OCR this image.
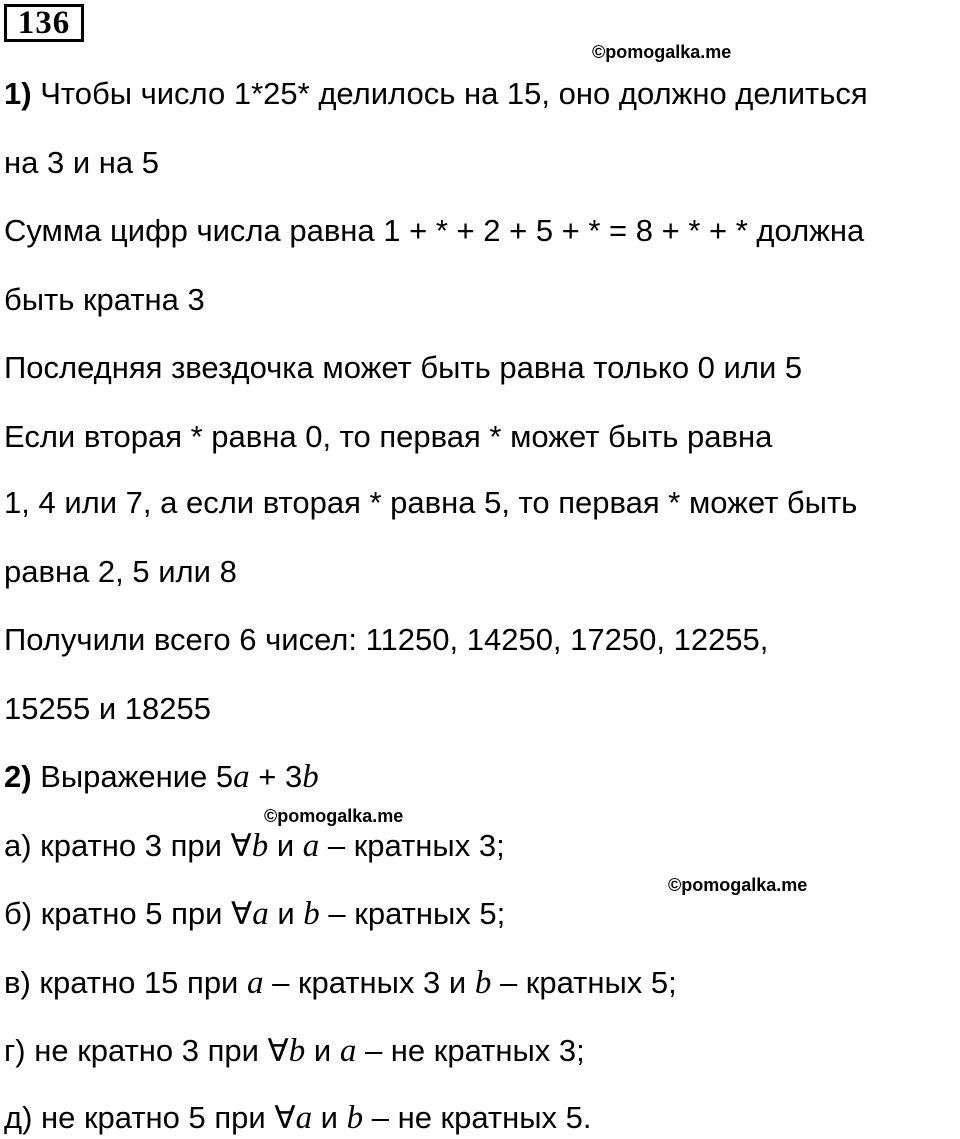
136
©pomogalka.me
©pomogalka.me
©pomogalka.me
1) Чтобы число 1*25* делилось на 15, оно должно делиться
на 3 и на 5
Сумма цифр числа равна 1 + * + 2 + 5 + * = 8 + * + * должна
быть кратна 3
Последняя звездочка может быть равна только 0 или 5
Если вторая * равна 0, то первая * может быть равна
1, 4 или 7, а если вторая * равна 5, то первая * может быть
равна 2, 5 или 8
Получили всего 6 чисел: 11250, 14250, 17250, 12255,
15255 и 18255
2) Выражение 5a + 3b
а) кратно 3 при ∀b и a – кратных 3;
б) кратно 5 при ∀a и b – кратных 5;
в) кратно 15 при a – кратных 3 и b – кратных 5;
г) не кратно 3 при ∀b и a – не кратных 3;
д) не кратно 5 при ∀a и b – не кратных 5.
